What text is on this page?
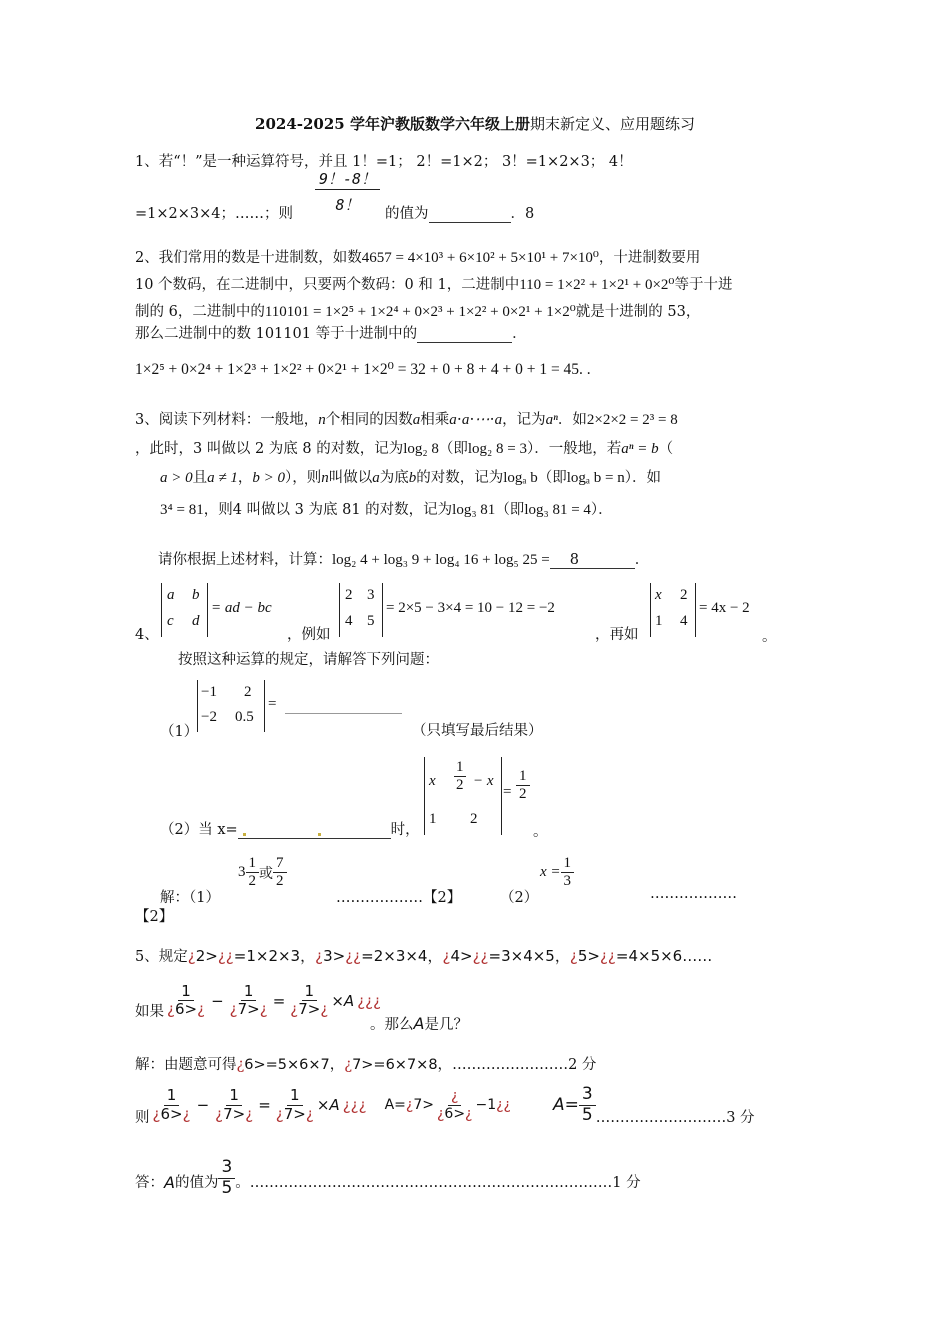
2024-2025 学年沪教版数学六年级上册期末新定义、应用题练习
1、若“！”是一种运算符号，并且 1！=1； 2！=1×2； 3！=1×2×3； 4！
=1×2×3×4；……；则 $\frac{9!-8!}{8!}$ 的值为	．8
2、我们常用的数是十进制数，如数4657 = 4×10³ + 6×10² + 5×10¹ + 7×10⁰，十进制数要用
10 个数码，在二进制中，只要两个数码：0 和 1，二进制中110 = 1×2² + 1×2¹ + 0×2⁰等于十进
制的 6，二进制中的110101 = 1×2⁵ + 1×2⁴ + 0×2³ + 1×2² + 0×2¹ + 1×2⁰就是十进制的 53，
那么二进制中的数 101101 等于十进制中的	．
1×2⁵ + 0×2⁴ + 1×2³ + 1×2² + 0×2¹ + 1×2⁰ = 32 + 0 + 8 + 4 + 0 + 1 = 45. .
3、阅读下列材料：一般地，n个相同的因数a相乘a⋅a⋅⋯⋅a，记为aⁿ．如2×2×2 = 2³ = 8
，此时，3 叫做以 2 为底 8 的对数，记为log₂ 8（即log₂ 8 = 3）．一般地，若aⁿ = b（
a > 0且a ≠ 1，b > 0），则n叫做以a为底b的对数，记为logₐ b（即logₐ b = n）．如
3⁴ = 81，则4 叫做以 3 为底 81 的对数，记为log₃ 81（即log₃ 81 = 4）．
请你根据上述材料，计算：log₂ 4 + log₃ 9 + log₄ 16 + log₅ 25 = 8	．
4、
a b
c d
= ad − bc
，例如
2 3
4 5
= 2×5 − 3×4 = 10 − 12 = −2
，再如
x 2
1 4
= 4x − 2
。
按照这种运算的规定，请解答下列问题：
（1）
−1 2
−2 0.5
=
（只填写最后结果）
（2）当 x=	时，
x $\frac{1}{2} - x$
1 2
= $\frac{1}{2}$
。
解：（1）
$3 \frac{1}{2}$ 或 $\frac{7}{2}$
………………【2】	（2）
$x = \frac{1}{3}$
………………
【2】
5、规定¿2>¿¿=1×2×3，¿3>¿¿=2×3×4，¿4>¿¿=3×4×5，¿5>¿¿=4×5×6……
如果 $\frac{1}{¿6>¿} - \frac{1}{¿7>¿} = \frac{1}{¿7>¿} \times A$ ¿¿¿
。那么A是几？
解：由题意可得¿6>=5×6×7，¿7>=6×7×8，……………………2 分
则 $\frac{1}{¿6>¿} - \frac{1}{¿7>¿} = \frac{1}{¿7>¿} \times A$ ¿¿¿ A=¿7> $\frac{¿}{¿6>¿} -1$ ¿¿ $A= \frac{3}{5}$ ………………………3 分
答： A 的值为 $\frac{3}{5}$ 。 …………………………………………………………………1 分
